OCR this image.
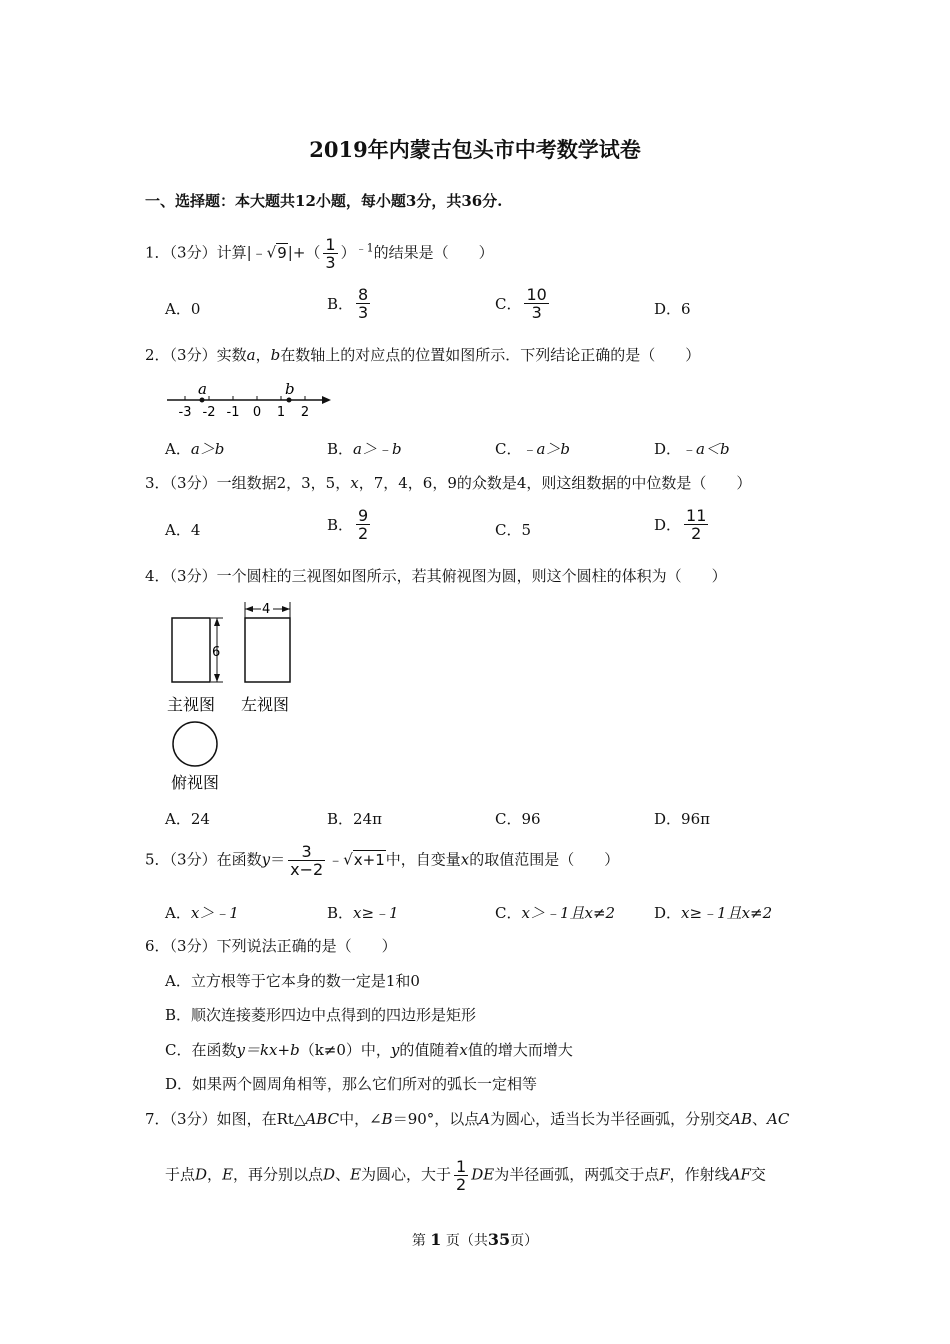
2019年内蒙古包头市中考数学试卷
一、选择题：本大题共12小题，每小题3分，共36分.
1．（3分）计算|﹣√9|+（ $\frac{1}{3} )^{﹣1}$的结果是（　　）
A．0	B． $\frac{8}{3}$	C． $\frac{10}{3}$	D．6
2．（3分）实数a，b在数轴上的对应点的位置如图所示．下列结论正确的是（　　）
-3 -2 -1 0 1 2
a	b
A．a＞b	B．a＞﹣b	C．﹣a＞b	D．﹣a＜b
3．（3分）一组数据2，3，5，x，7，4，6，9的众数是4，则这组数据的中位数是（　　）
A．4	B． $\frac{9}{2}$	C．5	D． $\frac{11}{2}$
4．（3分）一个圆柱的三视图如图所示，若其俯视图为圆，则这个圆柱的体积为（　　）
6
4
主视图 左视图
俯视图
A．24	B．24π	C．96	D．96π
5．（3分）在函数$y= \frac{3}{x-2}$ ﹣√x+1中，自变量x的取值范围是（　　）
A．x＞﹣1	B．x≥﹣1	C．x＞﹣1且x≠2	D．x≥﹣1且x≠2
6．（3分）下列说法正确的是（　　）
A．立方根等于它本身的数一定是1和0
B．顺次连接菱形四边中点得到的四边形是矩形
C．在函数y＝kx+b（k≠0）中，y的值随着x值的增大而增大
D．如果两个圆周角相等，那么它们所对的弧长一定相等
7．（3分）如图，在Rt△ABC中，∠B＝90°，以点A为圆心，适当长为半径画弧，分别交AB、AC
于点D，E，再分别以点D、E为圆心，大于 $\frac{1}{2}$ DE为半径画弧，两弧交于点F，作射线AF交
第 1 页（共35页）
